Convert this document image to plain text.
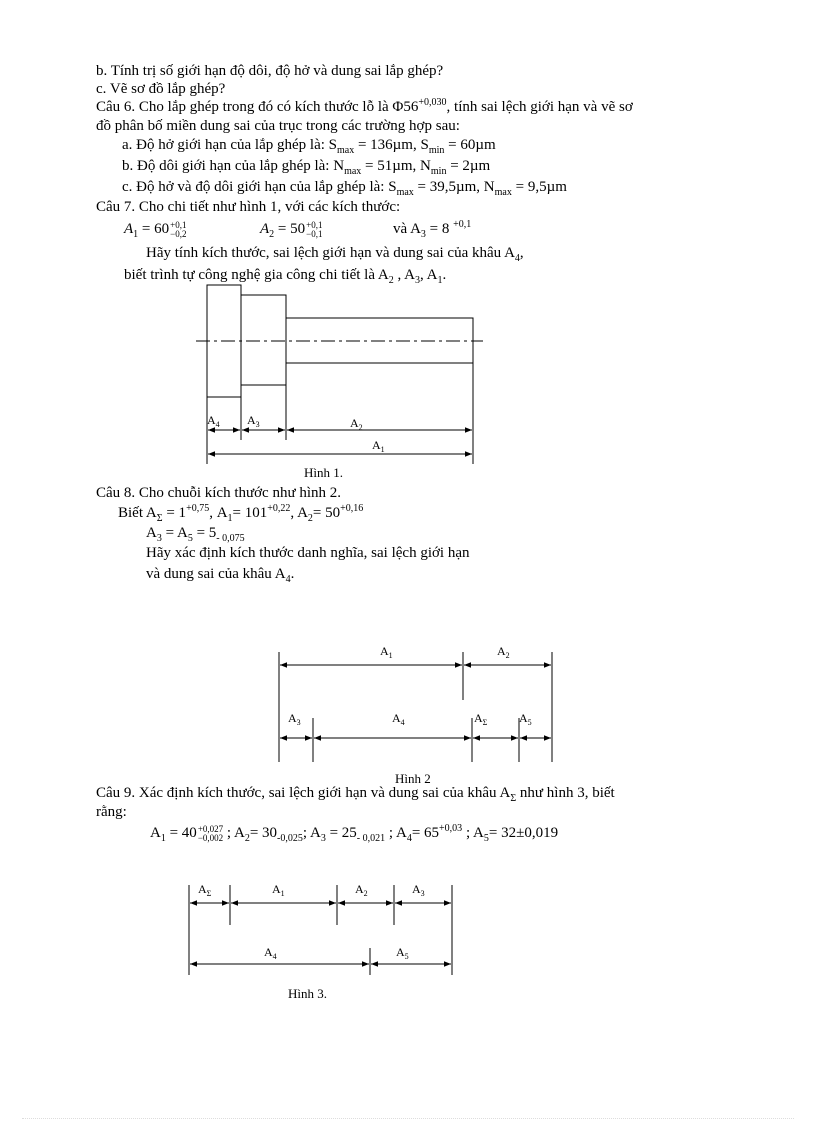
b. Tính trị số giới hạn độ dôi, độ hở và dung sai lắp ghép?
c. Vẽ sơ đồ lắp ghép?
Câu 6. Cho lắp ghép trong đó có kích thước lỗ là $\Phi 56^{+0,030}$, tính sai lệch giới hạn và vẽ sơ
đồ phân bố miền dung sai của trục trong các trường hợp sau:
a. Độ hở giới hạn của lắp ghép là: $S_{max} = 136\mu m$, $S_{min} = 60\mu m$
b. Độ dôi giới hạn của lắp ghép là: $N_{max} = 51\mu m$, $N_{min} = 2\mu m$
c. Độ hở và độ dôi giới hạn của lắp ghép là: $S_{max} = 39,5\mu m$, $N_{max} = 9,5\mu m$
Câu 7. Cho chi tiết như hình 1, với các kích thước:
$A_1 = 60+0,1$
−0,2	$A_2 = 50+0,1$
−0,1	và $A_3 = 8$ $^{+0,1}$
Hãy tính kích thước, sai lệch giới hạn và dung sai của khâu $A_4$,
biết trình tự công nghệ gia công chi tiết là $A_2$ , $A_3$, $A_1$.
$A_4$ $A_3$	$A_2$
$A_1$
Hình 1.
Câu 8. Cho chuỗi kích thước như hình 2.
Biết $A_\Sigma = 1^{+0,75}$, $A_1= 101^{+0,22}$, $A_2= 50^{+0,16}$
$A_3 = A_5 = 5_{- 0,075}$
Hãy xác định kích thước danh nghĩa, sai lệch giới hạn
và dung sai của khâu $A_4$.
$A_1$	$A_2$
$A_3$	$A_4$	$A_\Sigma$	$A_5$
Hình 2
Câu 9. Xác định kích thước, sai lệch giới hạn và dung sai của khâu $A_\Sigma$ như hình 3, biết
rằng:
$A_1 = 40+0,027$
−0,002 ; $A_2= 30_{-0,025}$; $A_3 = 25_{- 0,021}$ ; $A_4= 65^{+0,03}$ ; $A_5= 32\pm 0,019$
$A_\Sigma$	$A_1$	$A_2$	$A_3$
$A_4$	$A_5$
Hình 3.
